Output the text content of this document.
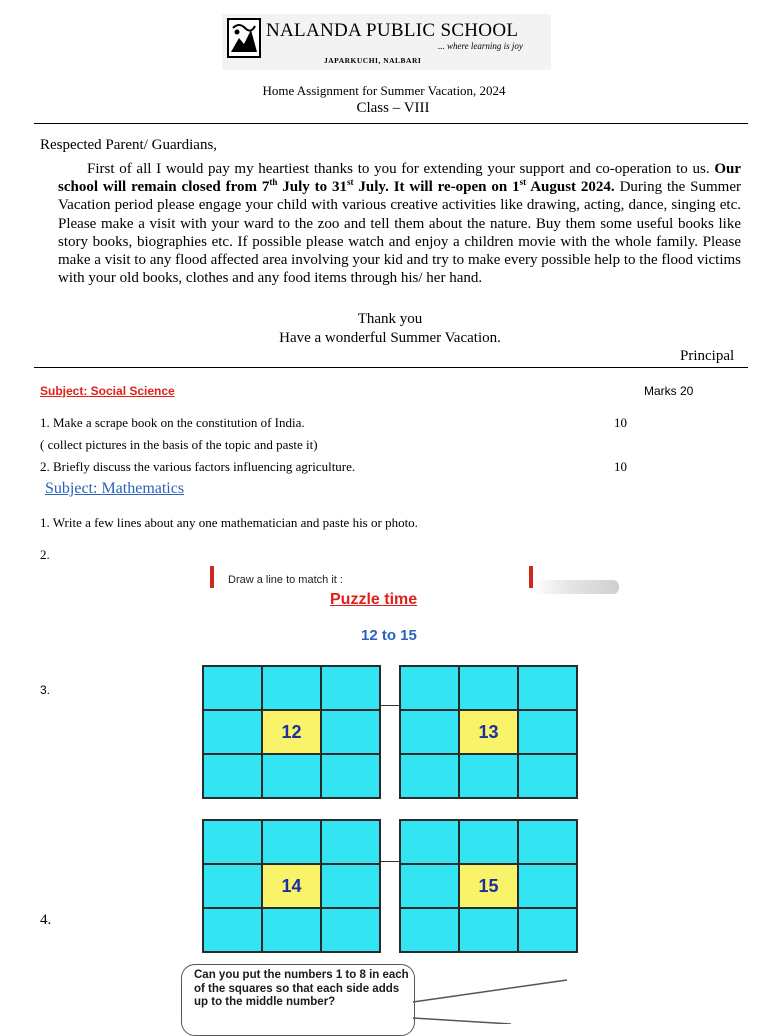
NALANDA PUBLIC SCHOOL
... where learning is joy
JAPARKUCHI, NALBARI
Home Assignment for Summer Vacation, 2024
Class – VIII
Respected Parent/ Guardians,
First of all I would pay my heartiest thanks to you for extending your support and co-operation to us. Our school will remain closed from 7th July to 31st July. It will re-open on 1st August 2024. During the Summer Vacation period please engage your child with various creative activities like drawing, acting, dance, singing etc. Please make a visit with your ward to the zoo and tell them about the nature. Buy them some useful books like story books, biographies etc. If possible please watch and enjoy a children movie with the whole family. Please make a visit to any flood affected area involving your kid and try to make every possible help to the flood victims with your old books, clothes and any food items through his/ her hand.
Thank you
Have a wonderful Summer Vacation.
Principal
Subject: Social Science	Marks 20
1. Make a scrape book on the constitution of India.	10
( collect pictures in the basis of the topic and paste it)
2. Briefly discuss the various factors influencing agriculture.	10
Subject: Mathematics
1. Write a few lines about any one mathematician and paste his or photo.
2.
3.
4.
Draw a line to match it :
Puzzle time
12 to 15
12	13
14	15
Can you put the numbers 1 to 8 in each of the squares so that each side adds up to the middle number?
